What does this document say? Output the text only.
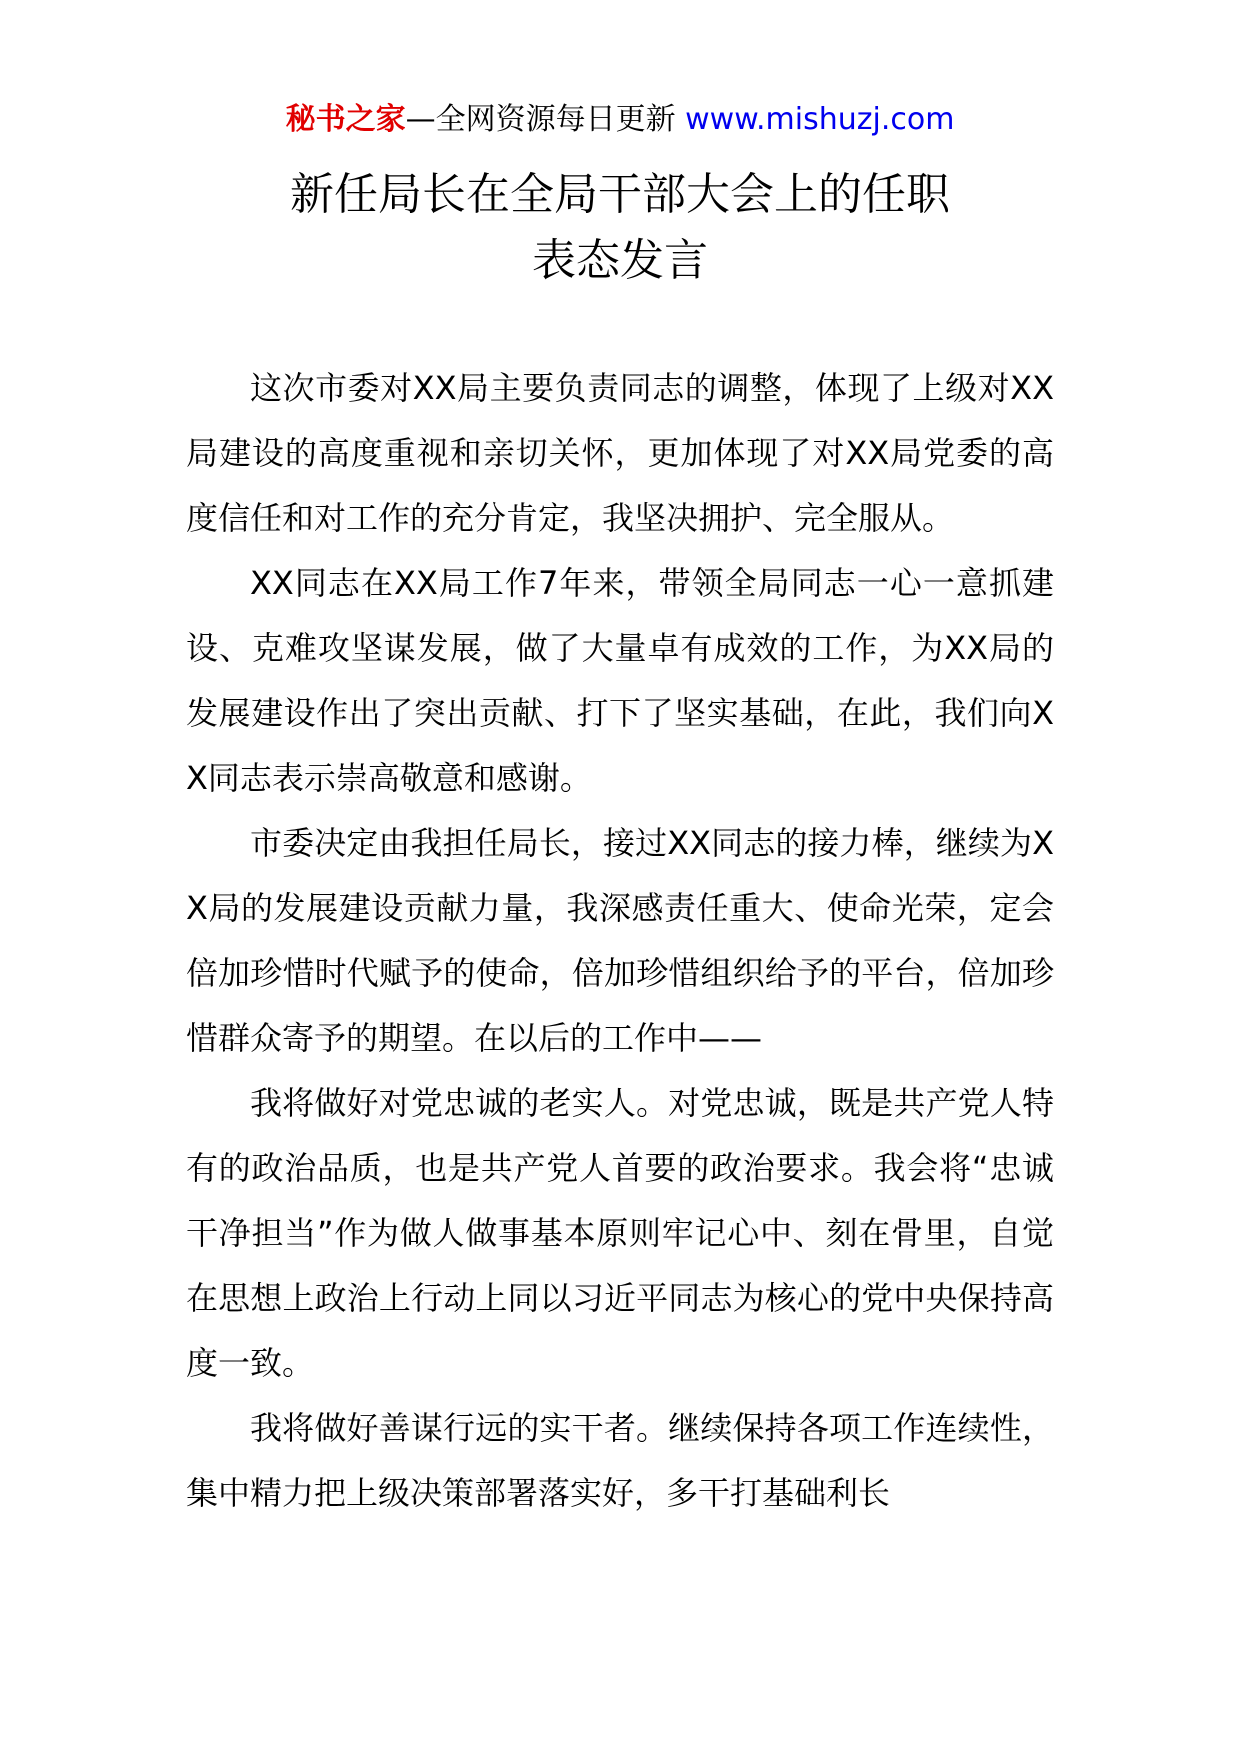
秘书之家—全网资源每日更新 www.mishuzj.com
新任局长在全局干部大会上的任职
表态发言

这次市委对XX局主要负责同志的调整，体现了上级对XX局建设的高度重视和亲切关怀，更加体现了对XX局党委的高度信任和对工作的充分肯定，我坚决拥护、完全服从。

XX同志在XX局工作7年来，带领全局同志一心一意抓建设、克难攻坚谋发展，做了大量卓有成效的工作，为XX局的发展建设作出了突出贡献、打下了坚实基础，在此，我们向XX同志表示崇高敬意和感谢。

市委决定由我担任局长，接过XX同志的接力棒，继续为XX局的发展建设贡献力量，我深感责任重大、使命光荣，定会倍加珍惜时代赋予的使命，倍加珍惜组织给予的平台，倍加珍惜群众寄予的期望。在以后的工作中——

我将做好对党忠诚的老实人。对党忠诚，既是共产党人特有的政治品质，也是共产党人首要的政治要求。我会将“忠诚干净担当”作为做人做事基本原则牢记心中、刻在骨里，自觉在思想上政治上行动上同以习近平同志为核心的党中央保持高度一致。

我将做好善谋行远的实干者。继续保持各项工作连续性，集中精力把上级决策部署落实好，多干打基础利长
